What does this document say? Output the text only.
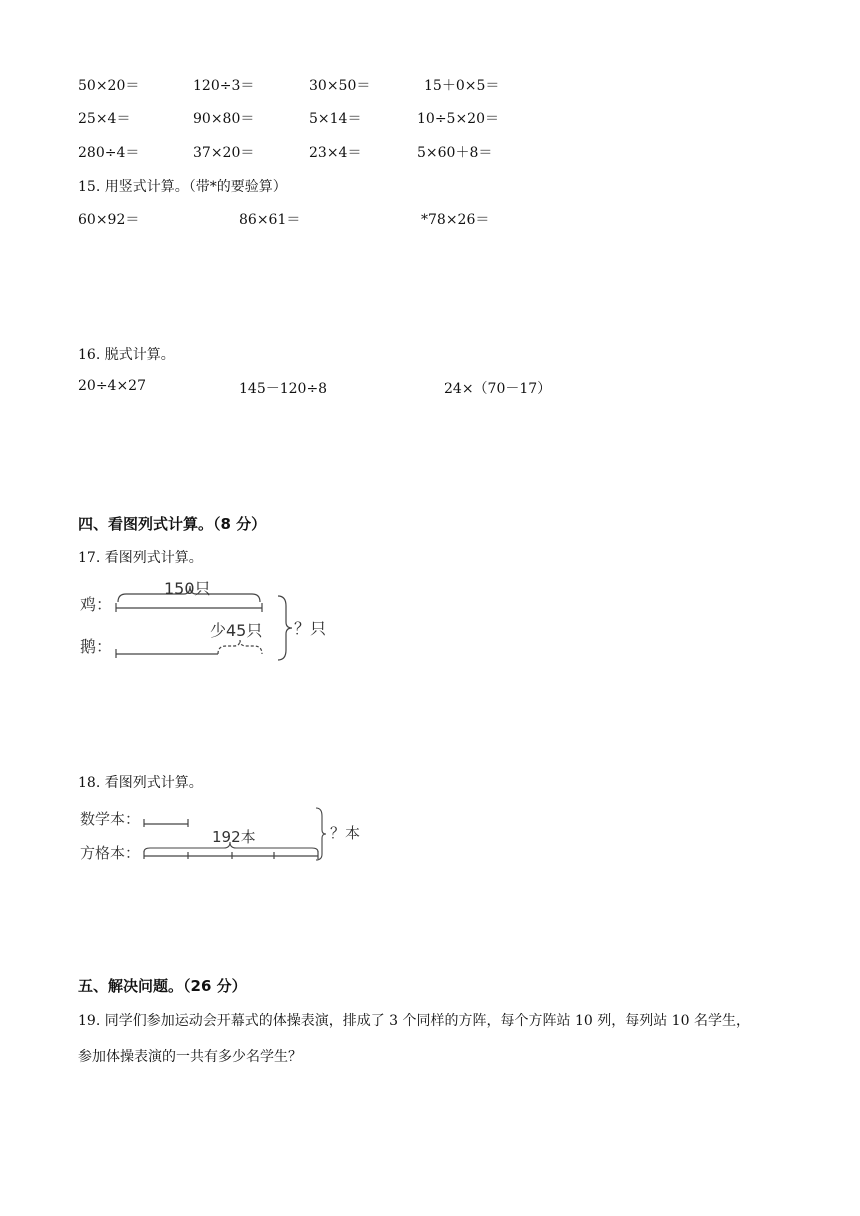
50×20＝	120÷3＝	30×50＝	15＋0×5＝
25×4＝	90×80＝	5×14＝	10÷5×20＝
280÷4＝	37×20＝	23×4＝	5×60＋8＝
15. 用竖式计算。（带*的要验算）
60×92＝	86×61＝	*78×26＝
16. 脱式计算。
20÷4×27	145－120÷8	24×（70－17）
四、看图列式计算。（8 分）
17. 看图列式计算。
鸡：
鹅：
150只
少45只 ？只
18. 看图列式计算。
数学本：
方格本：
192本	？本
五、解决问题。（26 分）
19. 同学们参加运动会开幕式的体操表演，排成了 3 个同样的方阵，每个方阵站 10 列，每列站 10 名学生，
参加体操表演的一共有多少名学生？
